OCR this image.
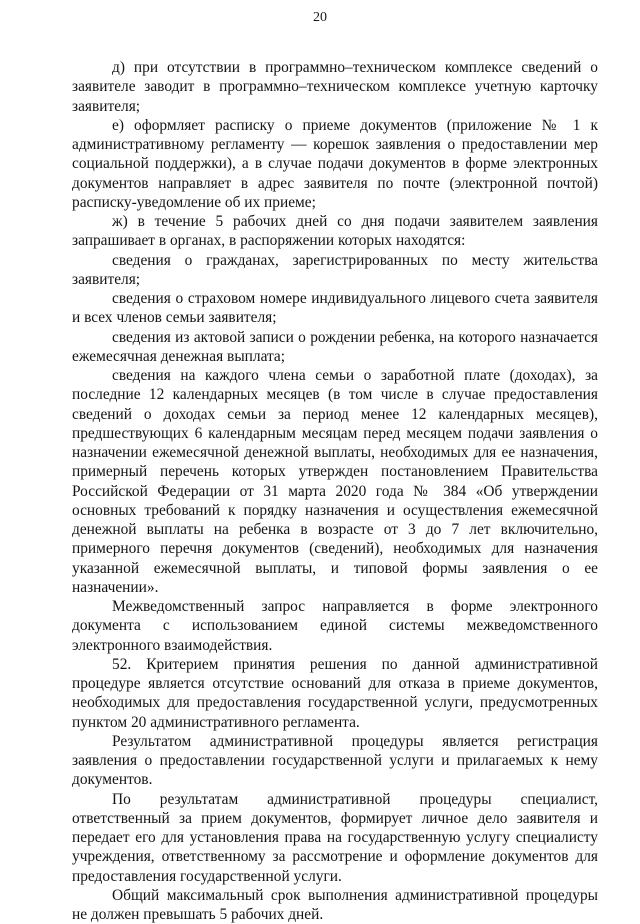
20

д) при отсутствии в программно–техническом комплексе сведений о заявителе заводит в программно–техническом комплексе учетную карточку заявителя;

е) оформляет расписку о приеме документов (приложение № 1 к административному регламенту — корешок заявления о предоставлении мер социальной поддержки), а в случае подачи документов в форме электронных документов направляет в адрес заявителя по почте (электронной почтой) расписку-уведомление об их приеме;

ж) в течение 5 рабочих дней со дня подачи заявителем заявления запрашивает в органах, в распоряжении которых находятся:

сведения о гражданах, зарегистрированных по месту жительства заявителя;

сведения о страховом номере индивидуального лицевого счета заявителя и всех членов семьи заявителя;

сведения из актовой записи о рождении ребенка, на которого назначается ежемесячная денежная выплата;

сведения на каждого члена семьи о заработной плате (доходах), за последние 12 календарных месяцев (в том числе в случае предоставления сведений о доходах семьи за период менее 12 календарных месяцев), предшествующих 6 календарным месяцам перед месяцем подачи заявления о назначении ежемесячной денежной выплаты, необходимых для ее назначения, примерный перечень которых утвержден постановлением Правительства Российской Федерации от 31 марта 2020 года № 384 «Об утверждении основных требований к порядку назначения и осуществления ежемесячной денежной выплаты на ребенка в возрасте от 3 до 7 лет включительно, примерного перечня документов (сведений), необходимых для назначения указанной ежемесячной выплаты, и типовой формы заявления о ее назначении».

Межведомственный запрос направляется в форме электронного документа с использованием единой системы межведомственного электронного взаимодействия.

52. Критерием принятия решения по данной административной процедуре является отсутствие оснований для отказа в приеме документов, необходимых для предоставления государственной услуги, предусмотренных пунктом 20 административного регламента.

Результатом административной процедуры является регистрация заявления о предоставлении государственной услуги и прилагаемых к нему документов.

По результатам административной процедуры специалист, ответственный за прием документов, формирует личное дело заявителя и передает его для установления права на государственную услугу специалисту учреждения, ответственному за рассмотрение и оформление документов для предоставления государственной услуги.

Общий максимальный срок выполнения административной процедуры не должен превышать 5 рабочих дней.
